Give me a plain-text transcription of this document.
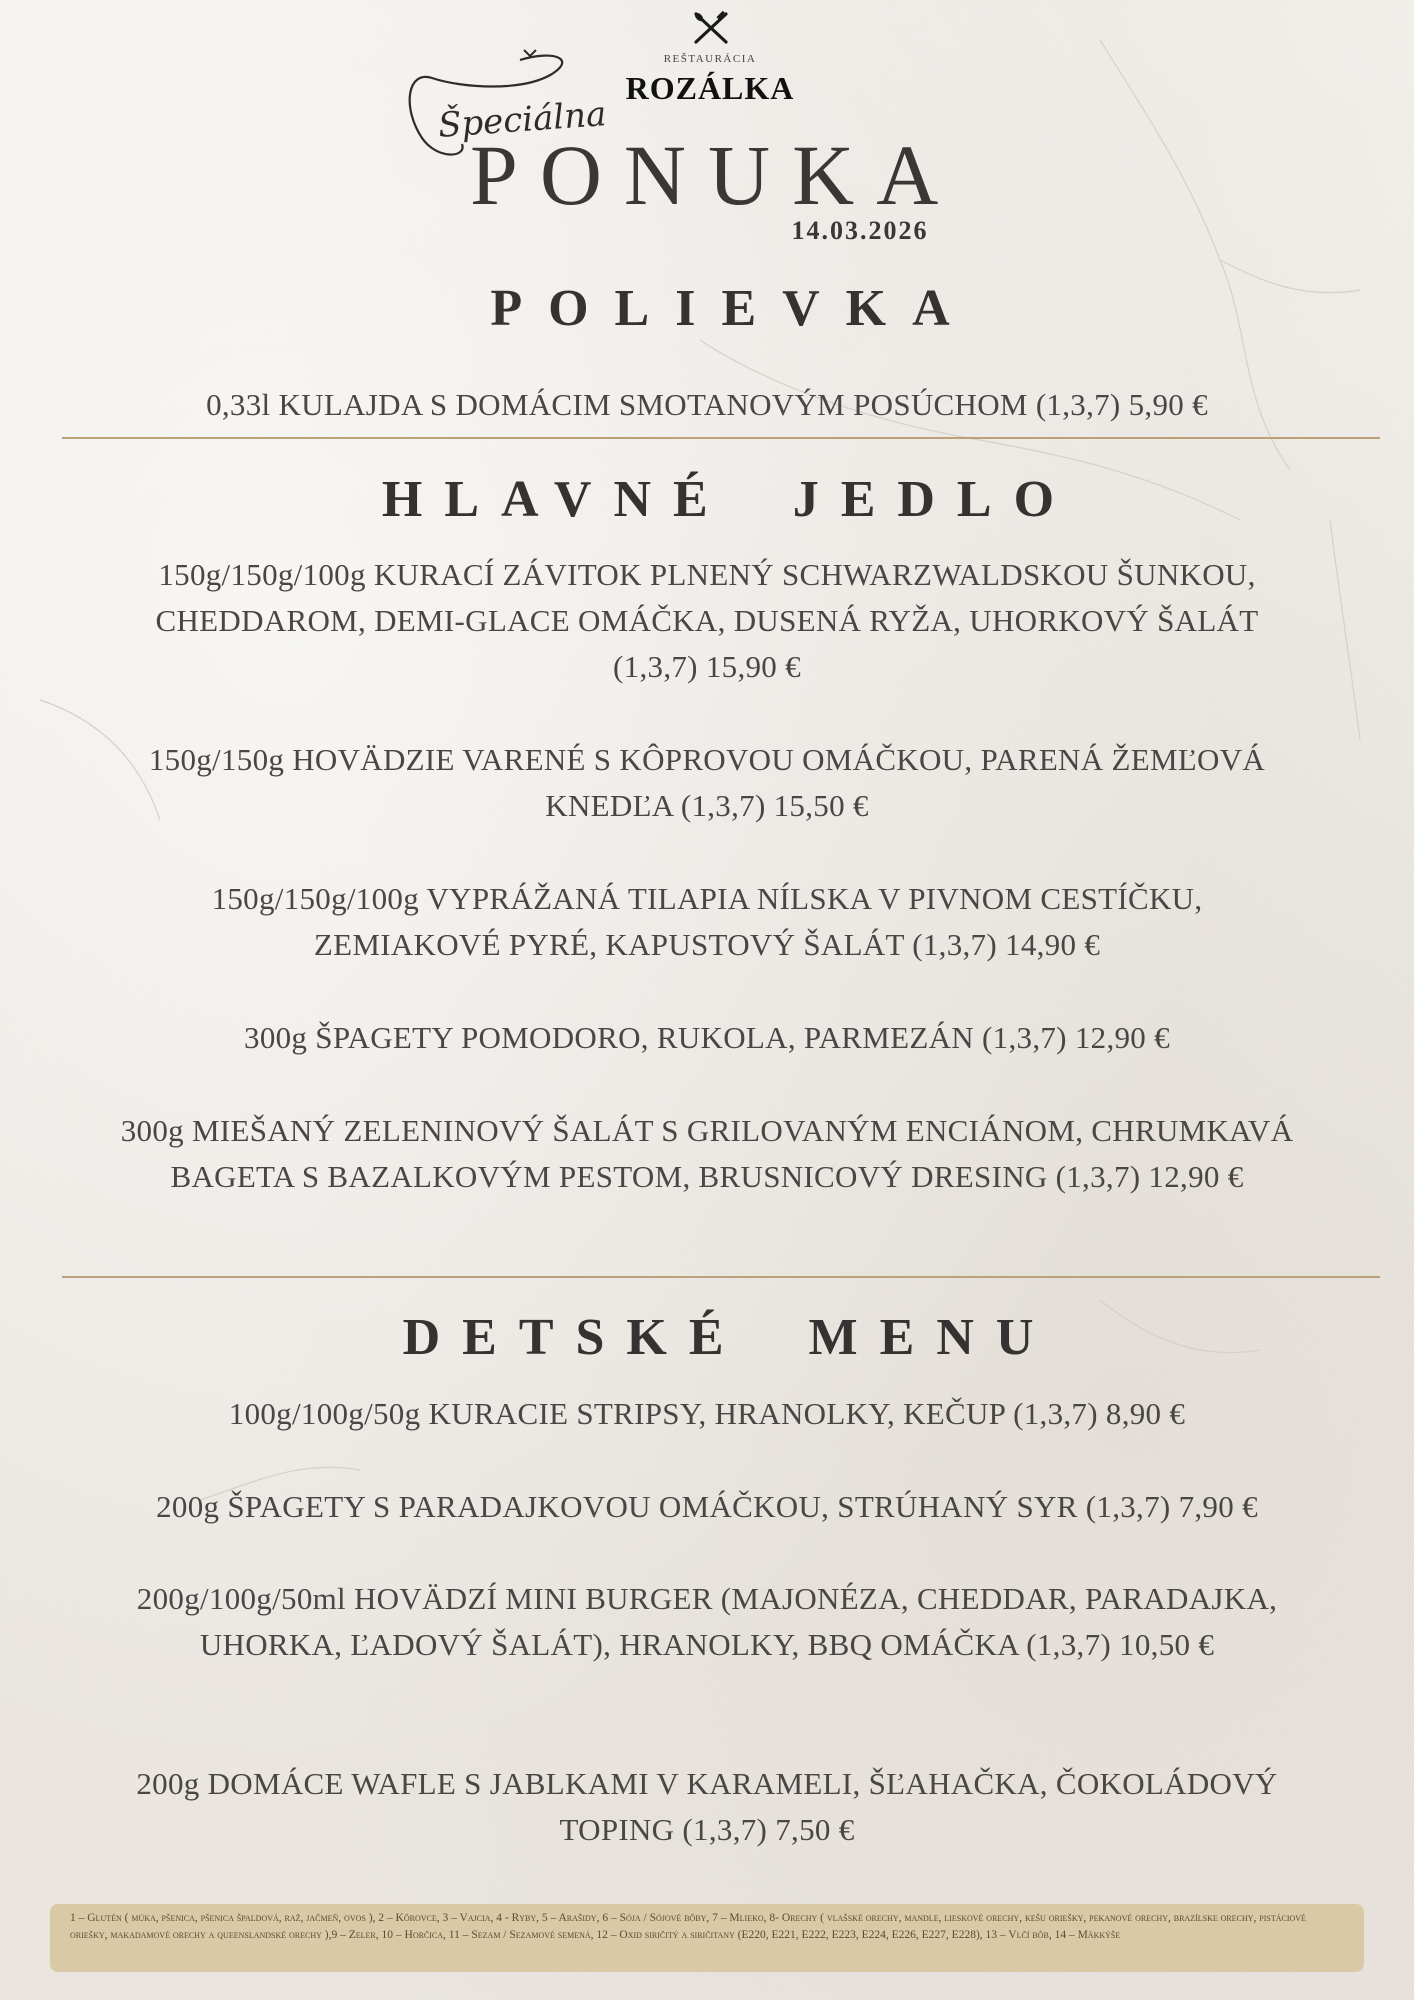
REŠTAURÁCIA
ROZÁLKA
Špeciálna
PONUKA
14.03.2026
POLIEVKA
0,33l KULAJDA S DOMÁCIM SMOTANOVÝM POSÚCHOM (1,3,7) 5,90 €
HLAVNÉ JEDLO
150g/150g/100g KURACÍ ZÁVITOK PLNENÝ SCHWARZWALDSKOU ŠUNKOU, CHEDDAROM, DEMI-GLACE OMÁČKA, DUSENÁ RYŽA, UHORKOVÝ ŠALÁT (1,3,7) 15,90 €
150g/150g HOVÄDZIE VARENÉ S KÔPROVOU OMÁČKOU, PARENÁ ŽEMĽOVÁ KNEDĽA (1,3,7) 15,50 €
150g/150g/100g VYPRÁŽANÁ TILAPIA NÍLSKA V PIVNOM CESTÍČKU, ZEMIAKOVÉ PYRÉ, KAPUSTOVÝ ŠALÁT (1,3,7) 14,90 €
300g ŠPAGETY POMODORO, RUKOLA, PARMEZÁN (1,3,7) 12,90 €
300g MIEŠANÝ ZELENINOVÝ ŠALÁT S GRILOVANÝM ENCIÁNOM, CHRUMKAVÁ BAGETA S BAZALKOVÝM PESTOM, BRUSNICOVÝ DRESING (1,3,7) 12,90 €
DETSKÉ MENU
100g/100g/50g KURACIE STRIPSY, HRANOLKY, KEČUP (1,3,7) 8,90 €
200g ŠPAGETY S PARADAJKOVOU OMÁČKOU, STRÚHANÝ SYR (1,3,7) 7,90 €
200g/100g/50ml HOVÄDZÍ MINI BURGER (MAJONÉZA, CHEDDAR, PARADAJKA, UHORKA, ĽADOVÝ ŠALÁT), HRANOLKY, BBQ OMÁČKA (1,3,7) 10,50 €
200g DOMÁCE WAFLE S JABLKAMI V KARAMELI, ŠĽAHAČKA, ČOKOLÁDOVÝ TOPING (1,3,7) 7,50 €
1 – Glutén ( múka, pšenica, pšenica špaldová, raž, jačmeň, ovos ), 2 – Kôrovce, 3 – Vajcia, 4 - Ryby, 5 – Arašidy, 6 – Sója / Sójové bôby, 7 – Mlieko, 8- Orechy ( vlašské orechy, mandle, lieskové orechy, kešu oriešky, pekanové orechy, brazílske orechy, pistáciové oriešky, makadamové orechy a queenslandské orechy ),9 – Zeler, 10 – Horčica, 11 – Sezam / Sezamové semená, 12 – Oxid siričitý a siričitany (E220, E221, E222, E223, E224, E226, E227, E228), 13 – Vlčí bôb, 14 – Mäkkýše
